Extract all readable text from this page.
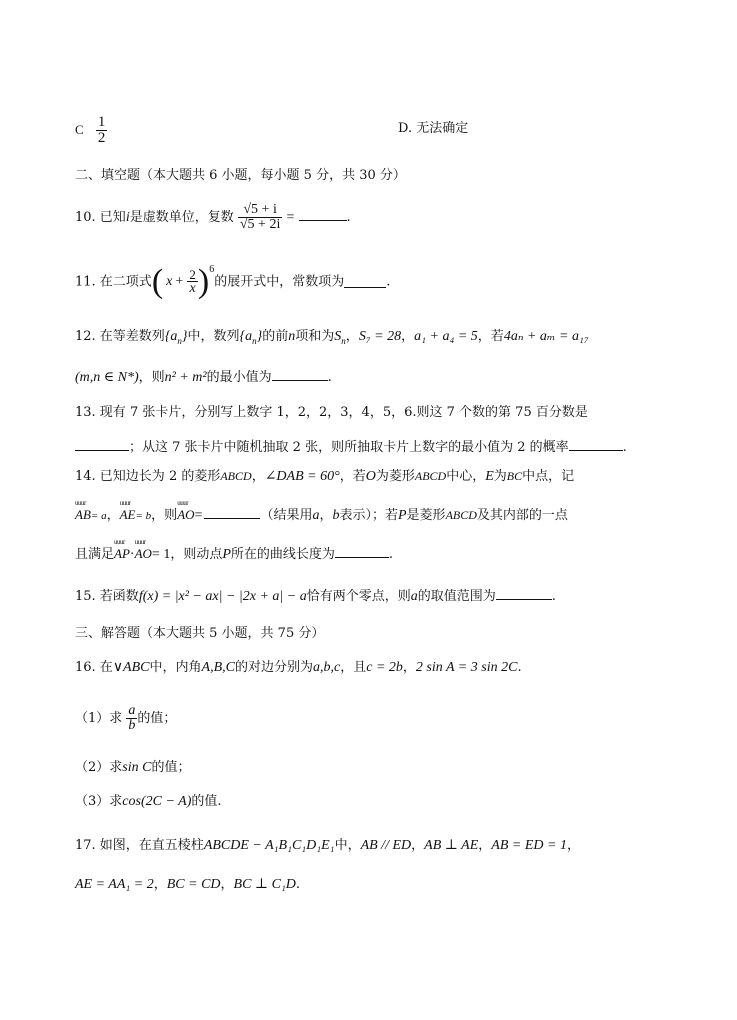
C $\frac{1}{2}$	D. 无法确定
二、填空题（本大题共 6 小题，每小题 5 分，共 30 分）
10. 已知i是虚数单位，复数 $\frac{√5 + i}{√5 + 2i}$ =	.
11. 在二项式( $x + \frac{2}{x} )^6$的展开式中，常数项为	.
12. 在等差数列$\{a_n\}$中，数列$\{a_n\}$的前n项和为$S_n$，S₇ = 28，a₁ + a₄ = 5，若4aₙ + aₘ = a₁₇
(m,n ∈ N*)，则n² + m²的最小值为	.
13. 现有 7 张卡片，分别写上数字 1，2，2，3，4，5，6.则这 7 个数的第 75 百分数是
；从这 7 张卡片中随机抽取 2 张，则所抽取卡片上数字的最小值为 2 的概率	.
14. 已知边长为 2 的菱形ABCD，∠DAB = 60°，若O为菱形ABCD中心，E为BC中点，记
uuur AB= a，uuur AE= b，则uuur AO=	（结果用a，b表示）；若P是菱形ABCD及其内部的一点
且满足uuur AP·uuur AO= 1，则动点P所在的曲线长度为	.
15. 若函数f(x) = |x² − ax| − |2x + a| − a恰有两个零点，则a的取值范围为	.
三、解答题（本大题共 5 小题，共 75 分）
16. 在∨ABC中，内角A,B,C的对边分别为a,b,c，且c = 2b，2 sin A = 3 sin 2C.
（1）求 $\frac{a}{b}$ 的值；
（2）求sin C的值；
（3）求cos(2C − A)的值.
17. 如图，在直五棱柱ABCDE − A₁B₁C₁D₁E₁中，AB // ED，AB ⊥ AE，AB = ED = 1，
AE = AA₁ = 2，BC = CD，BC ⊥ C₁D.
